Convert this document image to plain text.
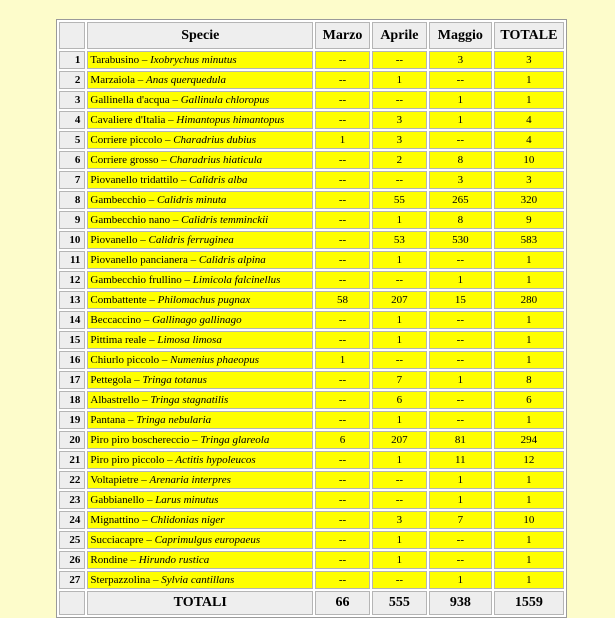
	Specie	Marzo	Aprile	Maggio	TOTALE
1	Tarabusino – Ixobrychus minutus	--	--	3	3
2	Marzaiola – Anas querquedula	--	1	--	1
3	Gallinella d'acqua – Gallinula chloropus	--	--	1	1
4	Cavaliere d'Italia – Himantopus himantopus	--	3	1	4
5	Corriere piccolo – Charadrius dubius	1	3	--	4
6	Corriere grosso – Charadrius hiaticula	--	2	8	10
7	Piovanello tridattilo – Calidris alba	--	--	3	3
8	Gambecchio – Calidris minuta	--	55	265	320
9	Gambecchio nano – Calidris temminckii	--	1	8	9
10	Piovanello – Calidris ferruginea	--	53	530	583
11	Piovanello pancianera – Calidris alpina	--	1	--	1
12	Gambecchio frullino – Limicola falcinellus	--	--	1	1
13	Combattente – Philomachus pugnax	58	207	15	280
14	Beccaccino – Gallinago gallinago	--	1	--	1
15	Pittima reale – Limosa limosa	--	1	--	1
16	Chiurlo piccolo – Numenius phaeopus	1	--	--	1
17	Pettegola – Tringa totanus	--	7	1	8
18	Albastrello – Tringa stagnatilis	--	6	--	6
19	Pantana – Tringa nebularia	--	1	--	1
20	Piro piro boschereccio – Tringa glareola	6	207	81	294
21	Piro piro piccolo – Actitis hypoleucos	--	1	11	12
22	Voltapietre – Arenaria interpres	--	--	1	1
23	Gabbianello – Larus minutus	--	--	1	1
24	Mignattino – Chlidonias niger	--	3	7	10
25	Succiacapre – Caprimulgus europaeus	--	1	--	1
26	Rondine – Hirundo rustica	--	1	--	1
27	Sterpazzolina – Sylvia cantillans	--	--	1	1
	TOTALI	66	555	938	1559
